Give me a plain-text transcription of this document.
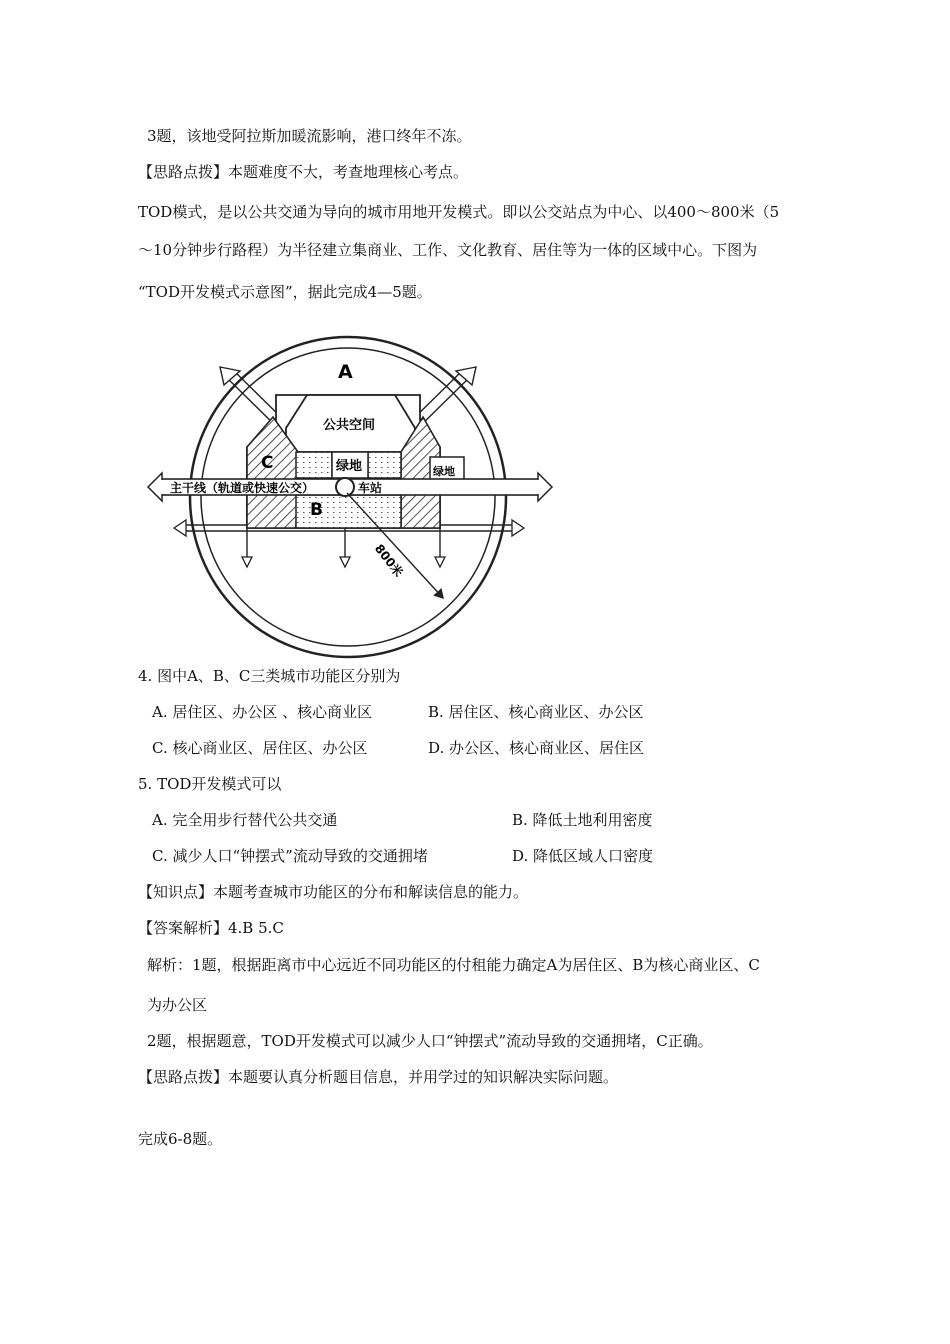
3题，该地受阿拉斯加暖流影响，港口终年不冻。
【思路点拨】本题难度不大，考查地理核心考点。
TOD模式，是以公共交通为导向的城市用地开发模式。即以公交站点为中心、以400～800米（5
～10分钟步行路程）为半径建立集商业、工作、文化教育、居住等为一体的区域中心。下图为
“TOD开发模式示意图”，据此完成4—5题。
A
B
C
公共空间
绿地	绿地
主干线（轨道或快速公交）	车站
800米
4. 图中A、B、C三类城市功能区分别为
A. 居住区、办公区 、核心商业区	B. 居住区、核心商业区、办公区
C. 核心商业区、居住区、办公区	D. 办公区、核心商业区、居住区
5. TOD开发模式可以
A. 完全用步行替代公共交通	B. 降低土地利用密度
C. 减少人口“钟摆式”流动导致的交通拥堵	D. 降低区域人口密度
【知识点】本题考查城市功能区的分布和解读信息的能力。
【答案解析】4.B 5.C
解析：1题，根据距离市中心远近不同功能区的付租能力确定A为居住区、B为核心商业区、C
为办公区
2题，根据题意，TOD开发模式可以减少人口“钟摆式”流动导致的交通拥堵，C正确。
【思路点拨】本题要认真分析题目信息，并用学过的知识解决实际问题。
完成6-8题。
